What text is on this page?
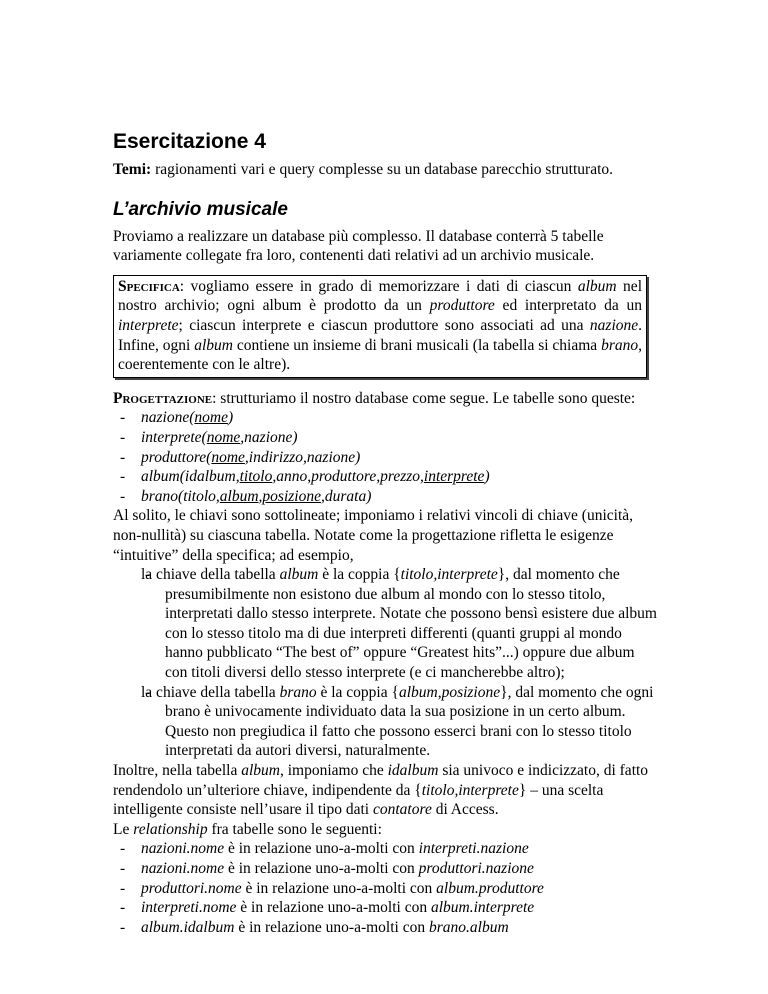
Esercitazione 4

Temi: ragionamenti vari e query complesse su un database parecchio strutturato.

L’archivio musicale

Proviamo a realizzare un database più complesso. Il database conterrà 5 tabelle variamente collegate fra loro, contenenti dati relativi ad un archivio musicale.

Specifica: vogliamo essere in grado di memorizzare i dati di ciascun album nel nostro archivio; ogni album è prodotto da un produttore ed interpretato da un interprete; ciascun interprete e ciascun produttore sono associati ad una nazione. Infine, ogni album contiene un insieme di brani musicali (la tabella si chiama brano, coerentemente con le altre).

Progettazione: strutturiamo il nostro database come segue. Le tabelle sono queste:

- nazione(nome)
- interprete(nome,nazione)
- produttore(nome,indirizzo,nazione)
- album(idalbum,titolo,anno,produttore,prezzo,interprete)
- brano(titolo,album,posizione,durata)

Al solito, le chiavi sono sottolineate; imponiamo i relativi vincoli di chiave (unicità, non-nullità) su ciascuna tabella. Notate come la progettazione rifletta le esigenze “intuitive” della specifica; ad esempio,

- la chiave della tabella album è la coppia {titolo,interprete}, dal momento che presumibilmente non esistono due album al mondo con lo stesso titolo, interpretati dallo stesso interprete. Notate che possono bensì esistere due album con lo stesso titolo ma di due interpreti differenti (quanti gruppi al mondo hanno pubblicato “The best of” oppure “Greatest hits”...) oppure due album con titoli diversi dello stesso interprete (e ci mancherebbe altro);
- la chiave della tabella brano è la coppia {album,posizione}, dal momento che ogni brano è univocamente individuato data la sua posizione in un certo album. Questo non pregiudica il fatto che possono esserci brani con lo stesso titolo interpretati da autori diversi, naturalmente.

Inoltre, nella tabella album, imponiamo che idalbum sia univoco e indicizzato, di fatto rendendolo un’ulteriore chiave, indipendente da {titolo,interprete} – una scelta intelligente consiste nell’usare il tipo dati contatore di Access.

Le relationship fra tabelle sono le seguenti:

- nazioni.nome è in relazione uno-a-molti con interpreti.nazione
- nazioni.nome è in relazione uno-a-molti con produttori.nazione
- produttori.nome è in relazione uno-a-molti con album.produttore
- interpreti.nome è in relazione uno-a-molti con album.interprete
- album.idalbum è in relazione uno-a-molti con brano.album
